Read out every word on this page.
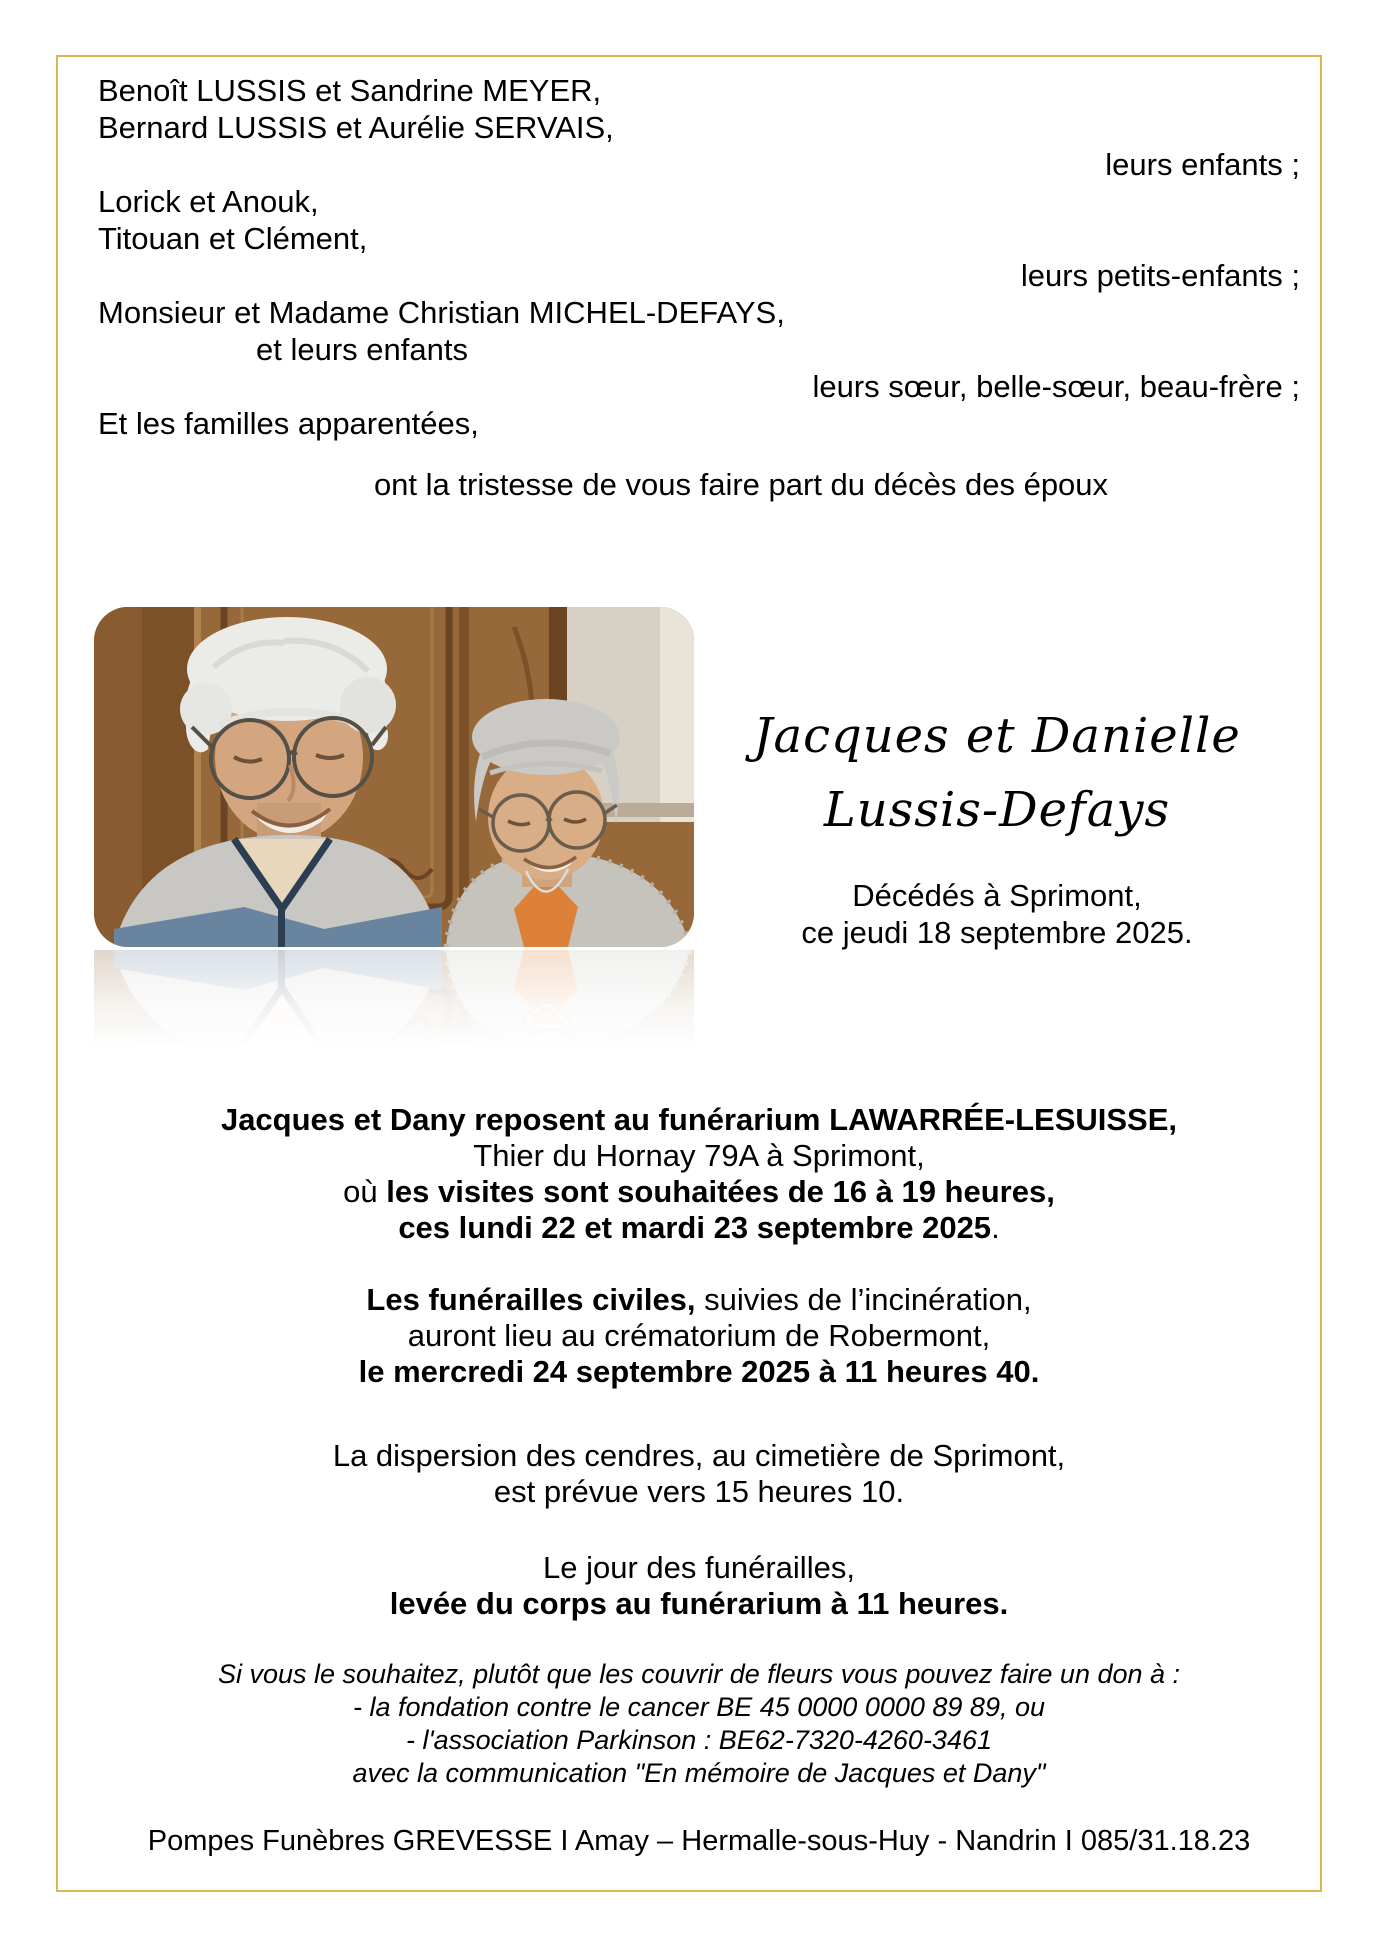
Benoît LUSSIS et Sandrine MEYER,
Bernard LUSSIS et Aurélie SERVAIS,
leurs enfants ;
Lorick et Anouk,
Titouan et Clément,
leurs petits-enfants ;
Monsieur et Madame Christian MICHEL-DEFAYS,
et leurs enfants
leurs sœur, belle-sœur, beau-frère ;
Et les familles apparentées,
ont la tristesse de vous faire part du décès des époux
Jacques et Danielle
Lussis-Defays
Décédés à Sprimont,
ce jeudi 18 septembre 2025.
Jacques et Dany reposent au funérarium LAWARRÉE-LESUISSE,
Thier du Hornay 79A à Sprimont,
où les visites sont souhaitées de 16 à 19 heures,
ces lundi 22 et mardi 23 septembre 2025.
Les funérailles civiles, suivies de l’incinération,
auront lieu au crématorium de Robermont,
le mercredi 24 septembre 2025 à 11 heures 40.
La dispersion des cendres, au cimetière de Sprimont,
est prévue vers 15 heures 10.
Le jour des funérailles,
levée du corps au funérarium à 11 heures.
Si vous le souhaitez, plutôt que les couvrir de fleurs vous pouvez faire un don à :
- la fondation contre le cancer BE 45 0000 0000 89 89, ou
- l'association Parkinson : BE62-7320-4260-3461
avec la communication "En mémoire de Jacques et Dany"
Pompes Funèbres GREVESSE I Amay – Hermalle-sous-Huy - Nandrin I 085/31.18.23
